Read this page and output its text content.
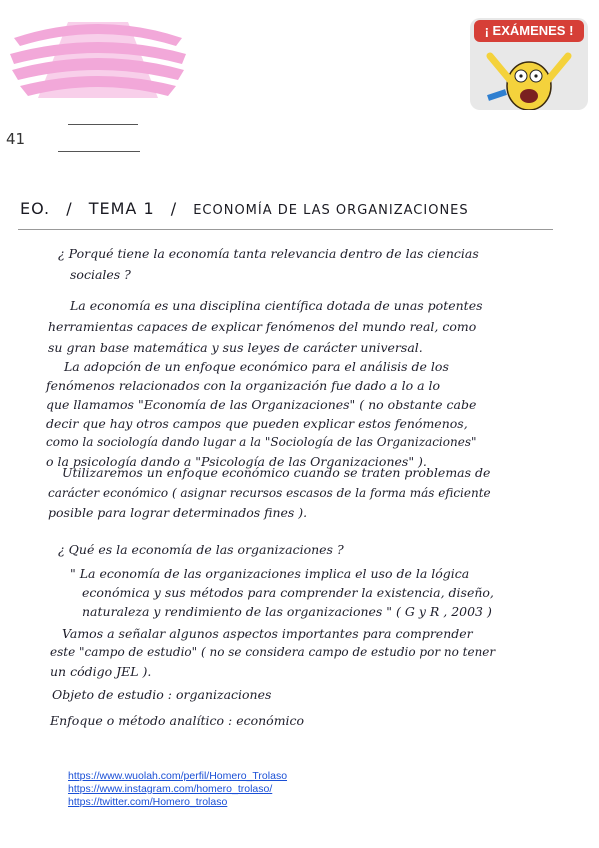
¡ EXÁMENES !
41
EO. / TEMA 1 / ECONOMÍA DE LAS ORGANIZACIONES

¿ Porqué tiene la economía tanta relevancia dentro de las ciencias

sociales ?

La economía es una disciplina científica dotada de unas potentes

herramientas capaces de explicar fenómenos del mundo real, como

su gran base matemática y sus leyes de carácter universal.

La adopción de un enfoque económico para el análisis de los

fenómenos relacionados con la organización fue dado a lo a lo

que llamamos "Economía de las Organizaciones" ( no obstante cabe

decir que hay otros campos que pueden explicar estos fenómenos,

como la sociología dando lugar a la "Sociología de las Organizaciones"

o la psicología dando a "Psicología de las Organizaciones" ).

Utilizaremos un enfoque económico cuando se traten problemas de

carácter económico ( asignar recursos escasos de la forma más eficiente

posible para lograr determinados fines ).

¿ Qué es la economía de las organizaciones ?

" La economía de las organizaciones implica el uso de la lógica

económica y sus métodos para comprender la existencia, diseño,

naturaleza y rendimiento de las organizaciones " ( G y R , 2003 )

Vamos a señalar algunos aspectos importantes para comprender

este "campo de estudio" ( no se considera campo de estudio por no tener

un código JEL ).

Objeto de estudio : organizaciones
Enfoque o método analítico : económico
https://www.wuolah.com/perfil/Homero_Trolaso
https://www.instagram.com/homero_trolaso/
https://twitter.com/Homero_trolaso
